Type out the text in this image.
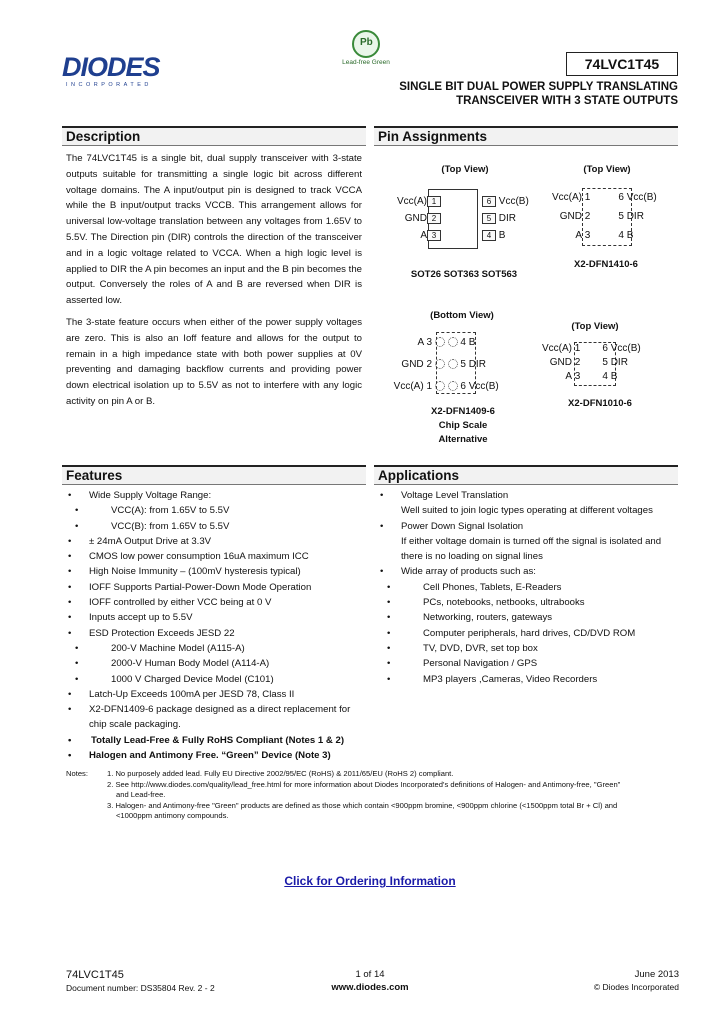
DIODES
INCORPORATED
Pb
Lead-free Green	74LVC1T45
SINGLE BIT DUAL POWER SUPPLY TRANSLATING
TRANSCEIVER WITH 3 STATE OUTPUTS
Description
The 74LVC1T45 is a single bit, dual supply transceiver with 3-state outputs suitable for transmitting a single logic bit across different voltage domains. The A input/output pin is designed to track VCCA while the B input/output tracks VCCB. This arrangement allows for universal low-voltage translation between any voltages from 1.65V to 5.5V. The Direction pin (DIR) controls the direction of the transceiver and in a logic voltage related to VCCA. When a high logic level is applied to DIR the A pin becomes an input and the B pin becomes the output. Conversely the roles of A and B are reversed when DIR is asserted low.
The 3-state feature occurs when either of the power supply voltages are zero. This is also an Ioff feature and allows for the output to remain in a high impedance state with both power supplies at 0V preventing and damaging backflow currents and providing power down electrical isolation up to 5.5V as not to interfere with any logic activity on pin A or B.
Pin Assignments
(Top View)
Vcc(A) 1	6 Vcc(B)
GND 2	5 DIR
A 3	4 B
SOT26 SOT363 SOT563
(Top View)
Vcc(A) 1	6 Vcc(B)
GND 2	5 DIR
A 3	4 B
X2-DFN1410-6
(Bottom View)
A 3	4 B
GND 2	5 DIR
Vcc(A) 1	6 Vcc(B)
X2-DFN1409-6
Chip Scale
Alternative
(Top View)
Vcc(A) 1 6 Vcc(B)
GND 2 5 DIR
A 3 4 B
X2-DFN1010-6
Features
• Wide Supply Voltage Range:
•	VCC(A): from 1.65V to 5.5V
•	VCC(B): from 1.65V to 5.5V
• ± 24mA Output Drive at 3.3V
• CMOS low power consumption 16uA maximum ICC
• High Noise Immunity – (100mV hysteresis typical)
• IOFF Supports Partial-Power-Down Mode Operation
• IOFF controlled by either VCC being at 0 V
• Inputs accept up to 5.5V
• ESD Protection Exceeds JESD 22
•	200-V Machine Model (A115-A)
•	2000-V Human Body Model (A114-A)
•	1000 V Charged Device Model (C101)
• Latch-Up Exceeds 100mA per JESD 78, Class II
• X2-DFN1409-6 package designed as a direct replacement for
chip scale packaging.
• Totally Lead-Free & Fully RoHS Compliant (Notes 1 & 2)
• Halogen and Antimony Free. “Green” Device (Note 3)
Applications
• Voltage Level Translation
Well suited to join logic types operating at different voltages
• Power Down Signal Isolation
If either voltage domain is turned off the signal is isolated and
there is no loading on signal lines
• Wide array of products such as:
•	Cell Phones, Tablets, E-Readers
•	PCs, notebooks, netbooks, ultrabooks
•	Networking, routers, gateways
•	Computer peripherals, hard drives, CD/DVD ROM
•	TV, DVD, DVR, set top box
•	Personal Navigation / GPS
•	MP3 players ,Cameras, Video Recorders
Notes:	1. No purposely added lead. Fully EU Directive 2002/95/EC (RoHS) & 2011/65/EU (RoHS 2) compliant.
2. See http://www.diodes.com/quality/lead_free.html for more information about Diodes Incorporated's definitions of Halogen- and Antimony-free, "Green"
and Lead-free.
3. Halogen- and Antimony-free "Green" products are defined as those which contain <900ppm bromine, <900ppm chlorine (<1500ppm total Br + Cl) and
<1000ppm antimony compounds.
Click for Ordering Information
74LVC1T45
Document number: DS35804 Rev. 2 - 2
1 of 14
www.diodes.com
June 2013
© Diodes Incorporated
